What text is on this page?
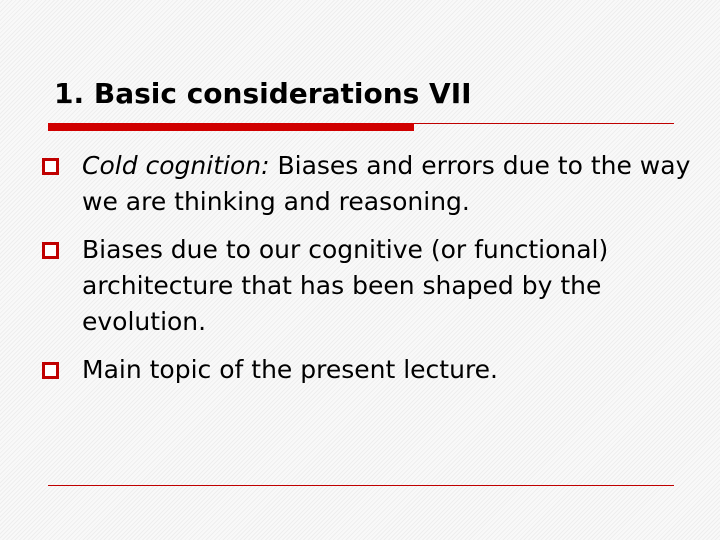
1. Basic considerations VII
Cold cognition: Biases and errors due to the way we are thinking and reasoning.
Biases due to our cognitive (or functional) architecture that has been shaped by the evolution.
Main topic of the present lecture.
